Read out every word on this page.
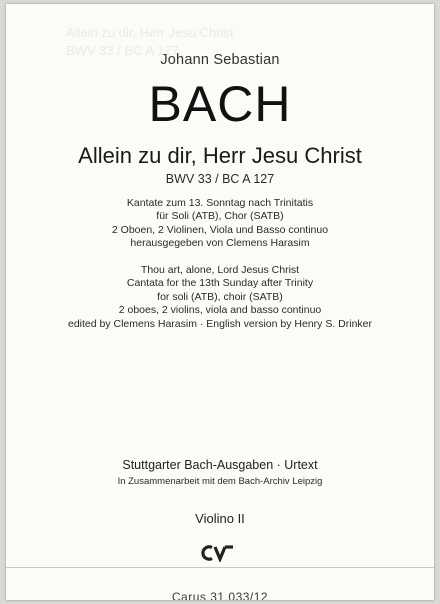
Allein zu dir, Herr Jesu Christ
BWV 33 / BC A 127
Johann Sebastian
BACH
Allein zu dir, Herr Jesu Christ
BWV 33 / BC A 127
Kantate zum 13. Sonntag nach Trinitatis
für Soli (ATB), Chor (SATB)
2 Oboen, 2 Violinen, Viola und Basso continuo
herausgegeben von Clemens Harasim
Thou art, alone, Lord Jesus Christ
Cantata for the 13th Sunday after Trinity
for soli (ATB), choir (SATB)
2 oboes, 2 violins, viola and basso continuo
edited by Clemens Harasim · English version by Henry S. Drinker
Stuttgarter Bach-Ausgaben · Urtext
In Zusammenarbeit mit dem Bach-Archiv Leipzig
Violino II
Carus 31.033/12
